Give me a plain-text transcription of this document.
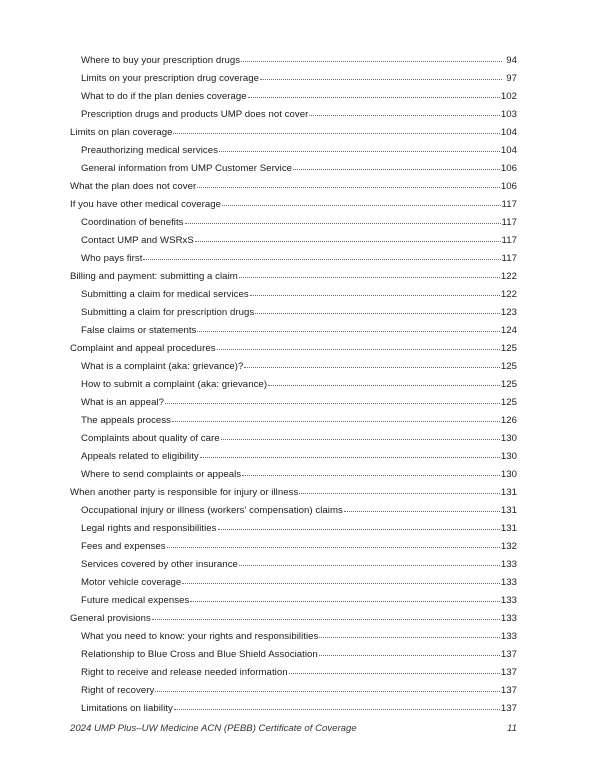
Where to buy your prescription drugs	94
Limits on your prescription drug coverage	97
What to do if the plan denies coverage	102
Prescription drugs and products UMP does not cover	103
Limits on plan coverage	104
Preauthorizing medical services	104
General information from UMP Customer Service	106
What the plan does not cover	106
If you have other medical coverage	117
Coordination of benefits	117
Contact UMP and WSRxS	117
Who pays first	117
Billing and payment: submitting a claim	122
Submitting a claim for medical services	122
Submitting a claim for prescription drugs	123
False claims or statements	124
Complaint and appeal procedures	125
What is a complaint (aka: grievance)?	125
How to submit a complaint (aka: grievance)	125
What is an appeal?	125
The appeals process	126
Complaints about quality of care	130
Appeals related to eligibility	130
Where to send complaints or appeals	130
When another party is responsible for injury or illness	131
Occupational injury or illness (workers' compensation) claims	131
Legal rights and responsibilities	131
Fees and expenses	132
Services covered by other insurance	133
Motor vehicle coverage	133
Future medical expenses	133
General provisions	133
What you need to know: your rights and responsibilities	133
Relationship to Blue Cross and Blue Shield Association	137
Right to receive and release needed information	137
Right of recovery	137
Limitations on liability	137
2024 UMP Plus–UW Medicine ACN (PEBB) Certificate of Coverage	11
